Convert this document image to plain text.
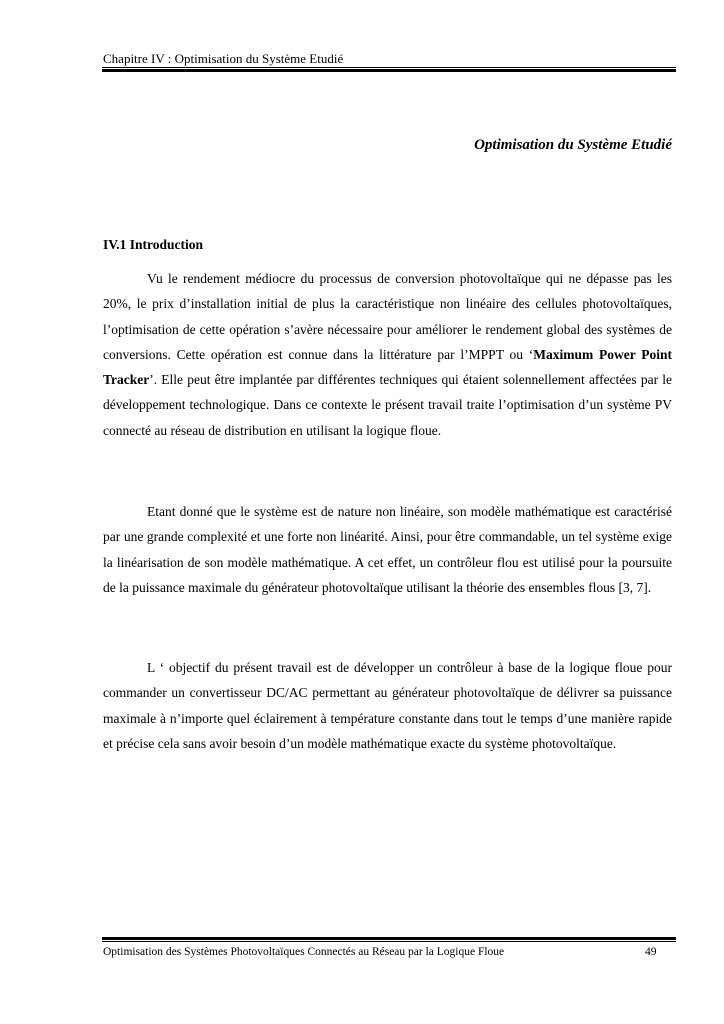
Chapitre IV : Optimisation du Système Etudié
Optimisation du Système Etudié
IV.1 Introduction

Vu le rendement médiocre du processus de conversion photovoltaïque qui ne dépasse pas les 20%, le prix d’installation initial de plus la caractéristique non linéaire des cellules photovoltaïques, l’optimisation de cette opération s’avère nécessaire pour améliorer le rendement global des systèmes de conversions. Cette opération est connue dans la littérature par l’MPPT ou ‘Maximum Power Point Tracker’. Elle peut être implantée par différentes techniques qui étaient solennellement affectées par le développement technologique. Dans ce contexte le présent travail traite l’optimisation d’un système PV connecté au réseau de distribution en utilisant la logique floue.

Etant donné que le système est de nature non linéaire, son modèle mathématique est caractérisé par une grande complexité et une forte non linéarité. Ainsi, pour être commandable, un tel système exige la linéarisation de son modèle mathématique. A cet effet, un contrôleur flou est utilisé pour la poursuite de la puissance maximale du générateur photovoltaïque utilisant la théorie des ensembles flous [3, 7].

L ‘ objectif du présent travail est de développer un contrôleur à base de la logique floue pour commander un convertisseur DC/AC permettant au générateur photovoltaïque de délivrer sa puissance maximale à n’importe quel éclairement à température constante dans tout le temps d’une manière rapide et précise cela sans avoir besoin d’un modèle mathématique exacte du système photovoltaïque.

Optimisation des Systèmes Photovoltaïques Connectés au Réseau par la Logique Floue	49
